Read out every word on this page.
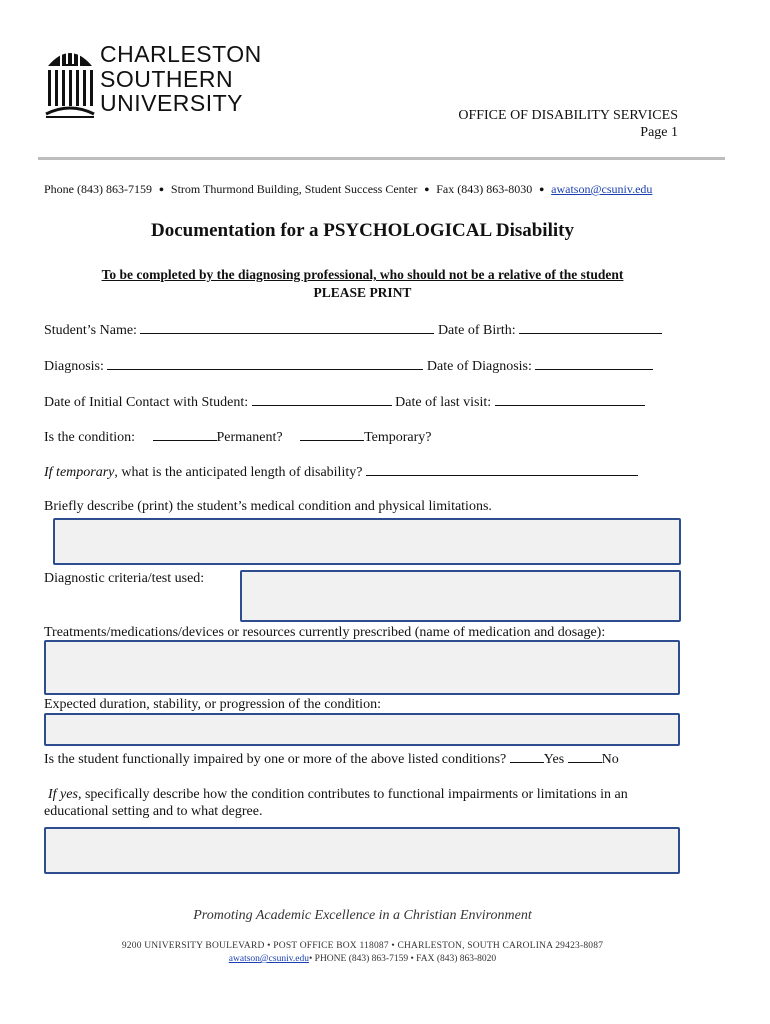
CHARLESTON
SOUTHERN
UNIVERSITY	OFFICE OF DISABILITY SERVICES
Page 1
Phone (843) 863-7159 • Strom Thurmond Building, Student Success Center • Fax (843) 863-8030 • awatson@csuniv.edu
Documentation for a PSYCHOLOGICAL Disability
To be completed by the diagnosing professional, who should not be a relative of the student
PLEASE PRINT
Student’s Name:	Date of Birth:
Diagnosis:	Date of Diagnosis:
Date of Initial Contact with Student:	Date of last visit:
Is the condition:	Permanent?	Temporary?
If temporary, what is the anticipated length of disability?
Briefly describe (print) the student’s medical condition and physical limitations.
Diagnostic criteria/test used:
Treatments/medications/devices or resources currently prescribed (name of medication and dosage):
Expected duration, stability, or progression of the condition:
Is the student functionally impaired by one or more of the above listed conditions?	Yes	No
If yes, specifically describe how the condition contributes to functional impairments or limitations in an
educational setting and to what degree.
Promoting Academic Excellence in a Christian Environment
9200 UNIVERSITY BOULEVARD • POST OFFICE BOX 118087 • CHARLESTON, SOUTH CAROLINA 29423-8087
awatson@csuniv.edu• PHONE (843) 863-7159 • FAX (843) 863-8020
